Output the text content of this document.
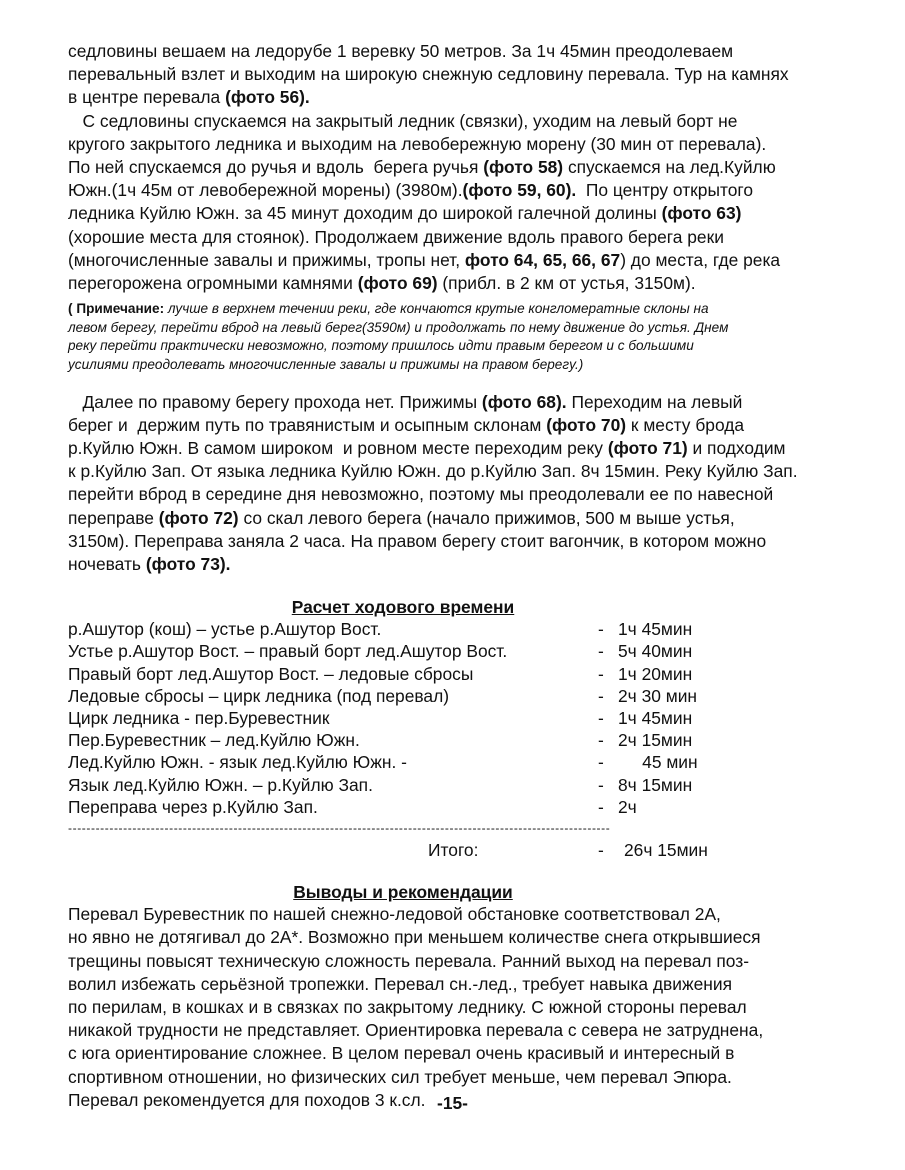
седловины вешаем на ледорубе 1 веревку 50 метров. За 1ч 45мин преодолеваем
перевальный взлет и выходим на широкую снежную седловину перевала. Тур на камнях
в центре перевала (фото 56).
С седловины спускаемся на закрытый ледник (связки), уходим на левый борт не
кругого закрытого ледника и выходим на левобережную морену (30 мин от перевала).
По ней спускаемся до ручья и вдоль  берега ручья (фото 58) спускаемся на лед.Куйлю
Южн.(1ч 45м от левобережной морены) (3980м).(фото 59, 60).  По центру открытого
ледника Куйлю Южн. за 45 минут доходим до широкой галечной долины (фото 63)
(хорошие места для стоянок). Продолжаем движение вдоль правого берега реки
(многочисленные завалы и прижимы, тропы нет, фото 64, 65, 66, 67) до места, где река
перегорожена огромными камнями (фото 69) (прибл. в 2 км от устья, 3150м).
( Примечание: лучше в верхнем течении реки, где кончаются крутые конгломератные склоны на
левом берегу, перейти вброд на левый берег(3590м) и продолжать по нему движение до устья. Днем
реку перейти практически невозможно, поэтому пришлось идти правым берегом и с большими
усилиями преодолевать многочисленные завалы и прижимы на правом берегу.)
Далее по правому берегу прохода нет. Прижимы (фото 68). Переходим на левый
берег и  держим путь по травянистым и осыпным склонам (фото 70) к месту брода
р.Куйлю Южн. В самом широком  и ровном месте переходим реку (фото 71) и подходим
к р.Куйлю Зап. От языка ледника Куйлю Южн. до р.Куйлю Зап. 8ч 15мин. Реку Куйлю Зап.
перейти вброд в середине дня невозможно, поэтому мы преодолевали ее по навесной
переправе (фото 72) со скал левого берега (начало прижимов, 500 м выше устья,
3150м). Переправа заняла 2 часа. На правом берегу стоит вагончик, в котором можно
ночевать (фото 73).
Расчет ходового времени
р.Ашутор (кош) – устье р.Ашутор Вост.	- 1ч 45мин
Устье р.Ашутор Вост. – правый борт лед.Ашутор Вост.	- 5ч 40мин
Правый борт лед.Ашутор Вост. – ледовые сбросы	- 1ч 20мин
Ледовые сбросы – цирк ледника (под перевал)	- 2ч 30 мин
Цирк ледника - пер.Буревестник	- 1ч 45мин
Пер.Буревестник – лед.Куйлю Южн.	- 2ч 15мин
Лед.Куйлю Южн. - язык лед.Куйлю Южн. -	- 45 мин
Язык лед.Куйлю Южн. – р.Куйлю Зап.	- 8ч 15мин
Переправа через р.Куйлю Зап.	- 2ч
----------------------------------------------------------------------------------------------------------------------
Итого:	- 26ч 15мин
Выводы и рекомендации
Перевал Буревестник по нашей снежно-ледовой обстановке соответствовал 2А,
но явно не дотягивал до 2А*. Возможно при меньшем количестве снега открывшиеся
трещины повысят техническую сложность перевала. Ранний выход на перевал поз-
волил избежать серьёзной тропежки. Перевал сн.-лед., требует навыка движения
по перилам, в кошках и в связках по закрытому леднику. С южной стороны перевал
никакой трудности не представляет. Ориентировка перевала с севера не затруднена,
с юга ориентирование сложнее. В целом перевал очень красивый и интересный в
спортивном отношении, но физических сил требует меньше, чем перевал Эпюра.
Перевал рекомендуется для походов 3 к.сл. -15-
